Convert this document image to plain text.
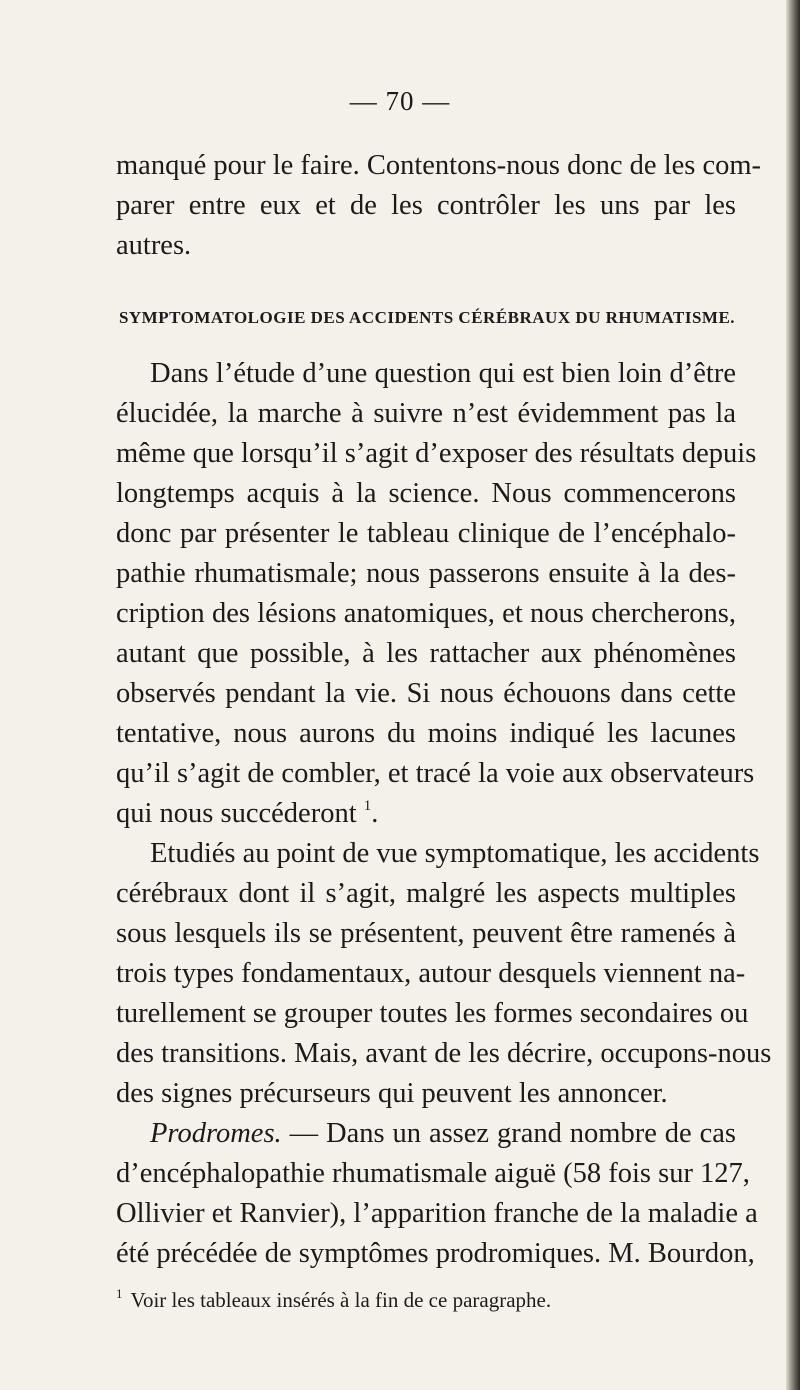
— 70 —
manqué pour le faire. Contentons-nous donc de les com-
parer entre eux et de les contrôler les uns par les
autres.
SYMPTOMATOLOGIE DES ACCIDENTS CÉRÉBRAUX DU RHUMATISME.
Dans l’étude d’une question qui est bien loin d’être
élucidée, la marche à suivre n’est évidemment pas la
même que lorsqu’il s’agit d’exposer des résultats depuis
longtemps acquis à la science. Nous commencerons
donc par présenter le tableau clinique de l’encéphalo-
pathie rhumatismale; nous passerons ensuite à la des-
cription des lésions anatomiques, et nous chercherons,
autant que possible, à les rattacher aux phénomènes
observés pendant la vie. Si nous échouons dans cette
tentative, nous aurons du moins indiqué les lacunes
qu’il s’agit de combler, et tracé la voie aux observateurs
qui nous succéderont $^1$.
Etudiés au point de vue symptomatique, les accidents
cérébraux dont il s’agit, malgré les aspects multiples
sous lesquels ils se présentent, peuvent être ramenés à
trois types fondamentaux, autour desquels viennent na-
turellement se grouper toutes les formes secondaires ou
des transitions. Mais, avant de les décrire, occupons-nous
des signes précurseurs qui peuvent les annoncer.
Prodromes. — Dans un assez grand nombre de cas
d’encéphalopathie rhumatismale aiguë (58 fois sur 127,
Ollivier et Ranvier), l’apparition franche de la maladie a
été précédée de symptômes prodromiques. M. Bourdon,
$^1$ Voir les tableaux insérés à la fin de ce paragraphe.
